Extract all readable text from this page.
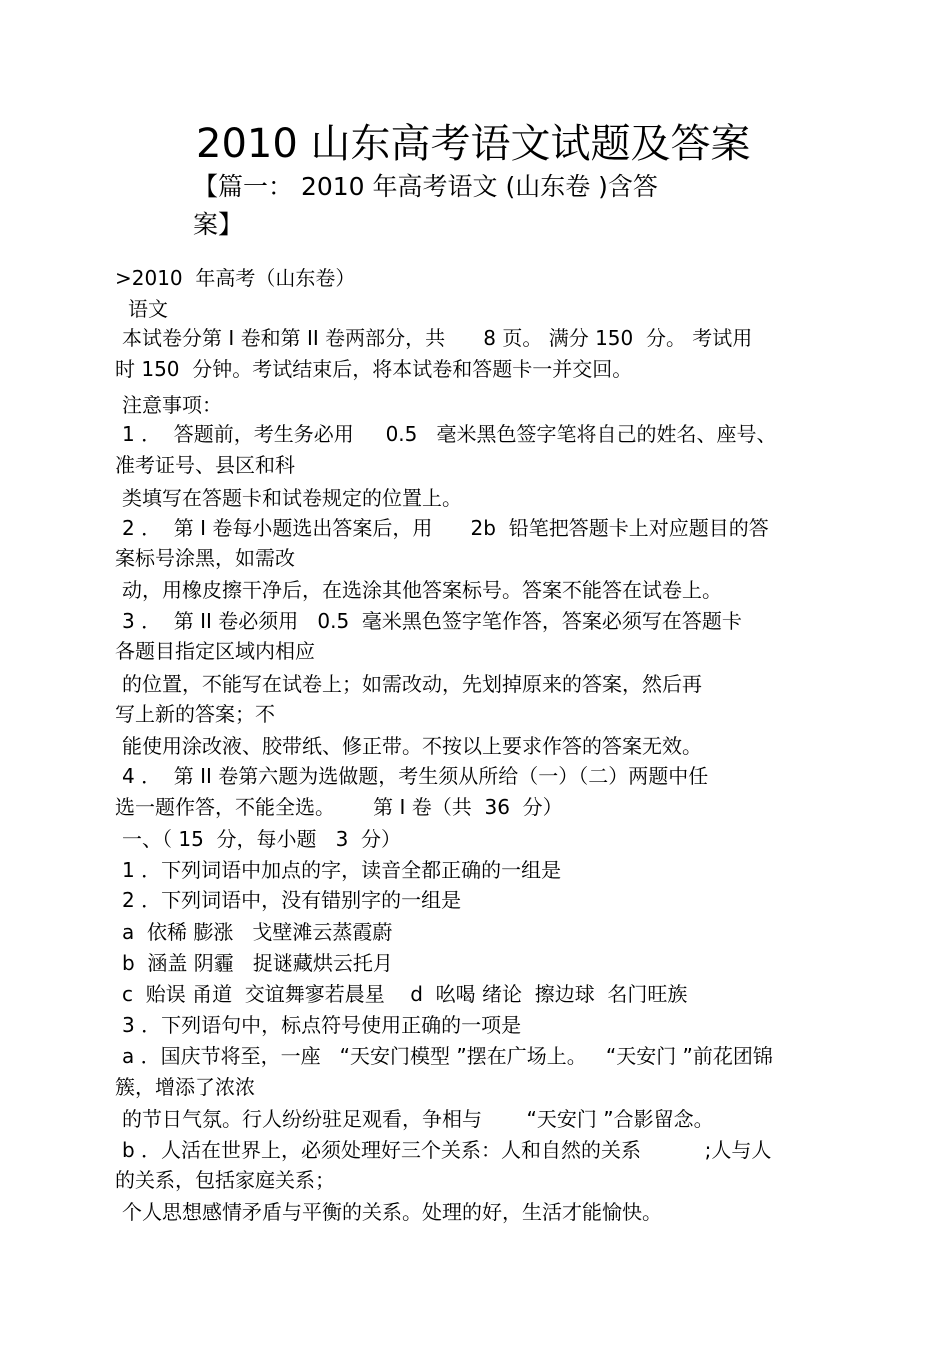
2010 山东高考语文试题及答案
【篇一： 2010 年高考语文 (山东卷 )含答
案】
>2010  年高考（山东卷）
语文
本试卷分第 I 卷和第 II 卷两部分，共      8 页。 满分 150  分。 考试用
时 150  分钟。考试结束后，将本试卷和答题卡一并交回。
注意事项：
1 ．  答题前，考生务必用     0.5   毫米黑色签字笔将自己的姓名、座号、
准考证号、县区和科
类填写在答题卡和试卷规定的位置上。
2 ．  第 I 卷每小题选出答案后，用      2b  铅笔把答题卡上对应题目的答
案标号涂黑，如需改
动，用橡皮擦干净后，在选涂其他答案标号。答案不能答在试卷上。
3 ．  第 II 卷必须用   0.5  毫米黑色签字笔作答，答案必须写在答题卡
各题目指定区域内相应
的位置，不能写在试卷上；如需改动，先划掉原来的答案，然后再
写上新的答案；不
能使用涂改液、胶带纸、修正带。不按以上要求作答的答案无效。
4 ．  第 II 卷第六题为选做题，考生须从所给（一）（二）两题中任
选一题作答，不能全选。      第 I 卷（共  36  分）
一、（ 15  分，每小题   3  分）
1 ．下列词语中加点的字，读音全都正确的一组是
2 ．下列词语中，没有错别字的一组是
a  依稀 膨涨   戈壁滩云蒸霞蔚
b  涵盖 阴霾   捉谜藏烘云托月
c  贻误 甬道  交谊舞寥若晨星    d  吆喝 绪论  擦边球  名门旺族
3 ．下列语句中，标点符号使用正确的一项是
a ．国庆节将至，一座   “天安门模型 ”摆在广场上。   “天安门 ”前花团锦
簇，增添了浓浓
的节日气氛。行人纷纷驻足观看，争相与       “天安门 ”合影留念。
b ．人活在世界上，必须处理好三个关系：人和自然的关系          ;人与人
的关系，包括家庭关系；
个人思想感情矛盾与平衡的关系。处理的好，生活才能愉快。
